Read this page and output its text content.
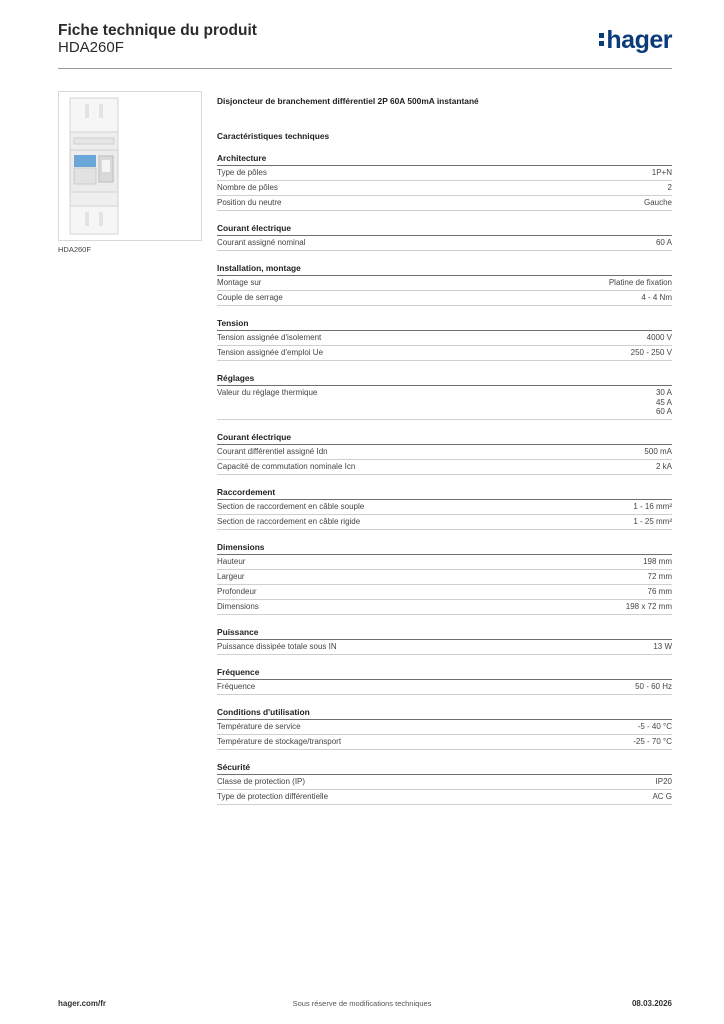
Fiche technique du produit
HDA260F	hager
HDA260F
Disjoncteur de branchement différentiel 2P 60A 500mA instantané
Caractéristiques techniques
Architecture
Type de pôles	1P+N
Nombre de pôles	2
Position du neutre	Gauche
Courant électrique
Courant assigné nominal	60 A
Installation, montage
Montage sur	Platine de fixation
Couple de serrage	4 - 4 Nm
Tension
Tension assignée d'isolement	4000 V
Tension assignée d'emploi Ue	250 - 250 V
Réglages
Valeur du réglage thermique	30 A
45 A
60 A
Courant électrique
Courant différentiel assigné Idn	500 mA
Capacité de commutation nominale Icn	2 kA
Raccordement
Section de raccordement en câble souple	1 - 16 mm²
Section de raccordement en câble rigide	1 - 25 mm²
Dimensions
Hauteur	198 mm
Largeur	72 mm
Profondeur	76 mm
Dimensions	198 x 72 mm
Puissance
Puissance dissipée totale sous IN	13 W
Fréquence
Fréquence	50 - 60 Hz
Conditions d'utilisation
Température de service	-5 - 40 °C
Température de stockage/transport	-25 - 70 °C
Sécurité
Classe de protection (IP)	IP20
Type de protection différentielle	AC G
hager.com/fr	Sous réserve de modifications techniques	08.03.2026
